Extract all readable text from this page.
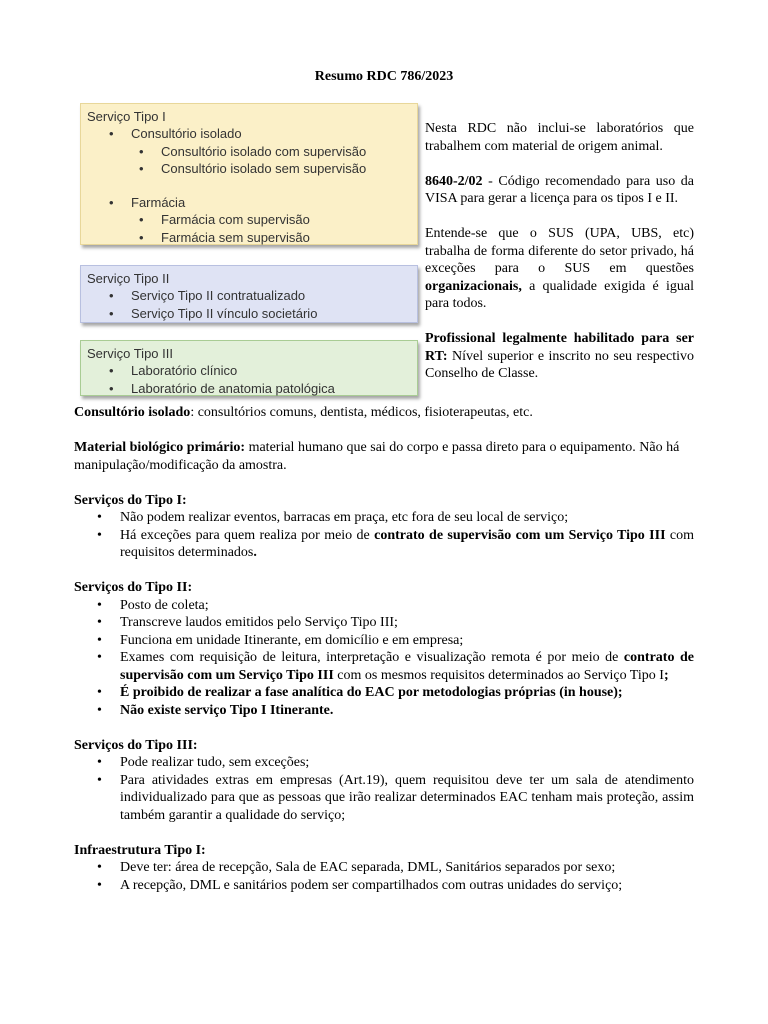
Resumo RDC 786/2023
Serviço Tipo I
• Consultório isolado
• Consultório isolado com supervisão
• Consultório isolado sem supervisão
• Farmácia
• Farmácia com supervisão
• Farmácia sem supervisão
Serviço Tipo II
• Serviço Tipo II contratualizado
• Serviço Tipo II vínculo societário
Serviço Tipo III
• Laboratório clínico
• Laboratório de anatomia patológica

Nesta RDC não inclui-se laboratórios que trabalhem com material de origem animal.

8640-2/02 - Código recomendado para uso da VISA para gerar a licença para os tipos I e II.

Entende-se que o SUS (UPA, UBS, etc) trabalha de forma diferente do setor privado, há exceções para o SUS em questões organizacionais, a qualidade exigida é igual para todos.

Profissional legalmente habilitado para ser RT: Nível superior e inscrito no seu respectivo Conselho de Classe.

Consultório isolado: consultórios comuns, dentista, médicos, fisioterapeutas, etc.

Material biológico primário: material humano que sai do corpo e passa direto para o equipamento. Não há manipulação/modificação da amostra.

Serviços do Tipo I:
• Não podem realizar eventos, barracas em praça, etc fora de seu local de serviço;
• Há exceções para quem realiza por meio de contrato de supervisão com um Serviço Tipo III com requisitos determinados.
Serviços do Tipo II:
• Posto de coleta;
• Transcreve laudos emitidos pelo Serviço Tipo III;
• Funciona em unidade Itinerante, em domicílio e em empresa;
• Exames com requisição de leitura, interpretação e visualização remota é por meio de contrato de supervisão com um Serviço Tipo III com os mesmos requisitos determinados ao Serviço Tipo I;
• É proibido de realizar a fase analítica do EAC por metodologias próprias (in house);
• Não existe serviço Tipo I Itinerante.
Serviços do Tipo III:
• Pode realizar tudo, sem exceções;
• Para atividades extras em empresas (Art.19), quem requisitou deve ter um sala de atendimento individualizado para que as pessoas que irão realizar determinados EAC tenham mais proteção, assim também garantir a qualidade do serviço;
Infraestrutura Tipo I:
• Deve ter: área de recepção, Sala de EAC separada, DML, Sanitários separados por sexo;
• A recepção, DML e sanitários podem ser compartilhados com outras unidades do serviço;
